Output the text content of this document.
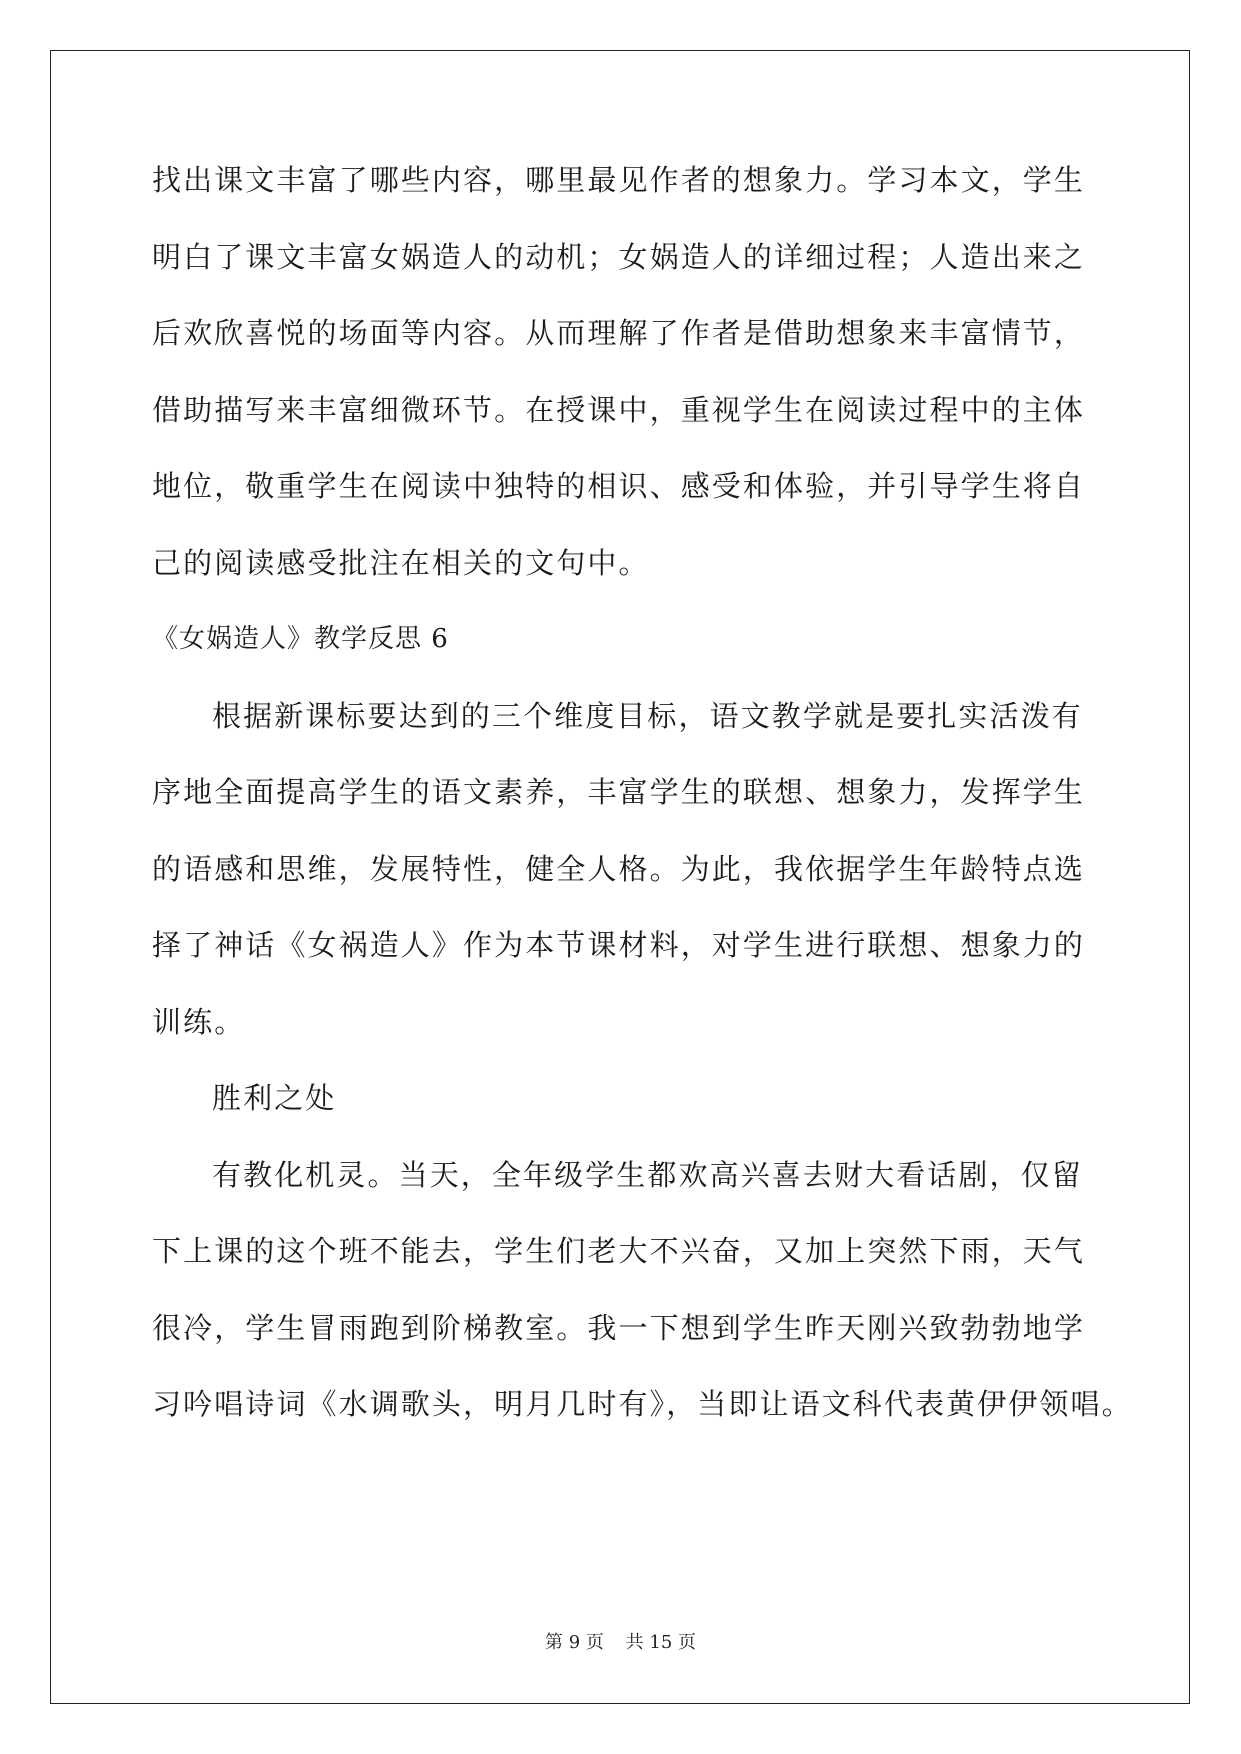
找出课文丰富了哪些内容，哪里最见作者的想象力。学习本文，学生
明白了课文丰富女娲造人的动机；女娲造人的详细过程；人造出来之
后欢欣喜悦的场面等内容。从而理解了作者是借助想象来丰富情节，
借助描写来丰富细微环节。在授课中，重视学生在阅读过程中的主体
地位，敬重学生在阅读中独特的相识、感受和体验，并引导学生将自
己的阅读感受批注在相关的文句中。
《女娲造人》教学反思 6
根据新课标要达到的三个维度目标，语文教学就是要扎实活泼有
序地全面提高学生的语文素养，丰富学生的联想、想象力，发挥学生
的语感和思维，发展特性，健全人格。为此，我依据学生年龄特点选
择了神话《女祸造人》作为本节课材料，对学生进行联想、想象力的
训练。
胜利之处
有教化机灵。当天，全年级学生都欢高兴喜去财大看话剧，仅留
下上课的这个班不能去，学生们老大不兴奋，又加上突然下雨，天气
很冷，学生冒雨跑到阶梯教室。我一下想到学生昨天刚兴致勃勃地学
习吟唱诗词《水调歌头，明月几时有》，当即让语文科代表黄伊伊领唱。
第 9 页 共 15 页
